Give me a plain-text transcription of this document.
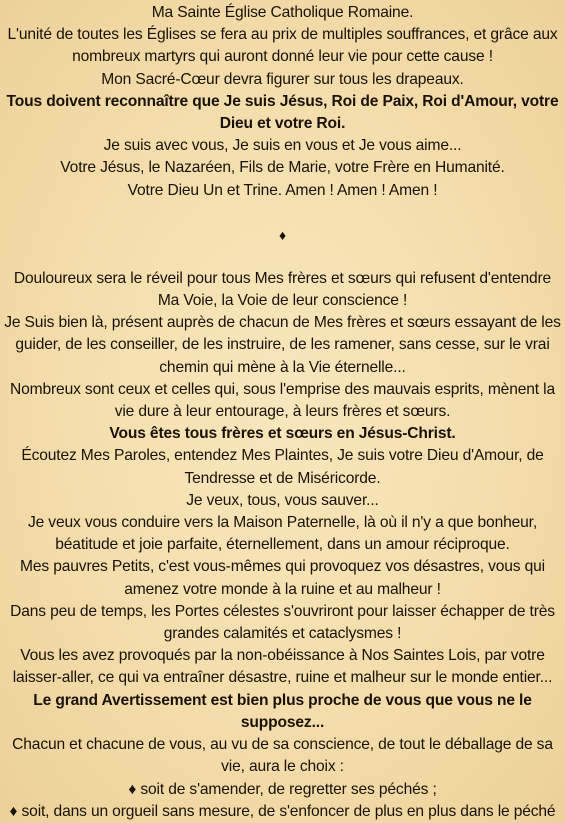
Ma Sainte Église Catholique Romaine.
L'unité de toutes les Églises se fera au prix de multiples souffrances, et grâce aux
nombreux martyrs qui auront donné leur vie pour cette cause !
Mon Sacré-Cœur devra figurer sur tous les drapeaux.
Tous doivent reconnaître que Je suis Jésus, Roi de Paix, Roi d'Amour, votre
Dieu et votre Roi.
Je suis avec vous, Je suis en vous et Je vous aime...
Votre Jésus, le Nazaréen, Fils de Marie, votre Frère en Humanité.
Votre Dieu Un et Trine. Amen ! Amen ! Amen !
♦
Douloureux sera le réveil pour tous Mes frères et sœurs qui refusent d'entendre
Ma Voie, la Voie de leur conscience !
Je Suis bien là, présent auprès de chacun de Mes frères et sœurs essayant de les
guider, de les conseiller, de les instruire, de les ramener, sans cesse, sur le vrai
chemin qui mène à la Vie éternelle...
Nombreux sont ceux et celles qui, sous l'emprise des mauvais esprits, mènent la
vie dure à leur entourage, à leurs frères et sœurs.
Vous êtes tous frères et sœurs en Jésus-Christ.
Écoutez Mes Paroles, entendez Mes Plaintes, Je suis votre Dieu d'Amour, de
Tendresse et de Miséricorde.
Je veux, tous, vous sauver...
Je veux vous conduire vers la Maison Paternelle, là où il n'y a que bonheur,
béatitude et joie parfaite, éternellement, dans un amour réciproque.
Mes pauvres Petits, c'est vous-mêmes qui provoquez vos désastres, vous qui
amenez votre monde à la ruine et au malheur !
Dans peu de temps, les Portes célestes s'ouvriront pour laisser échapper de très
grandes calamités et cataclysmes !
Vous les avez provoqués par la non-obéissance à Nos Saintes Lois, par votre
laisser-aller, ce qui va entraîner désastre, ruine et malheur sur le monde entier...
Le grand Avertissement est bien plus proche de vous que vous ne le
supposez...
Chacun et chacune de vous, au vu de sa conscience, de tout le déballage de sa
vie, aura le choix :
♦ soit de s'amender, de regretter ses péchés ;
♦ soit, dans un orgueil sans mesure, de s'enfoncer de plus en plus dans le péché
